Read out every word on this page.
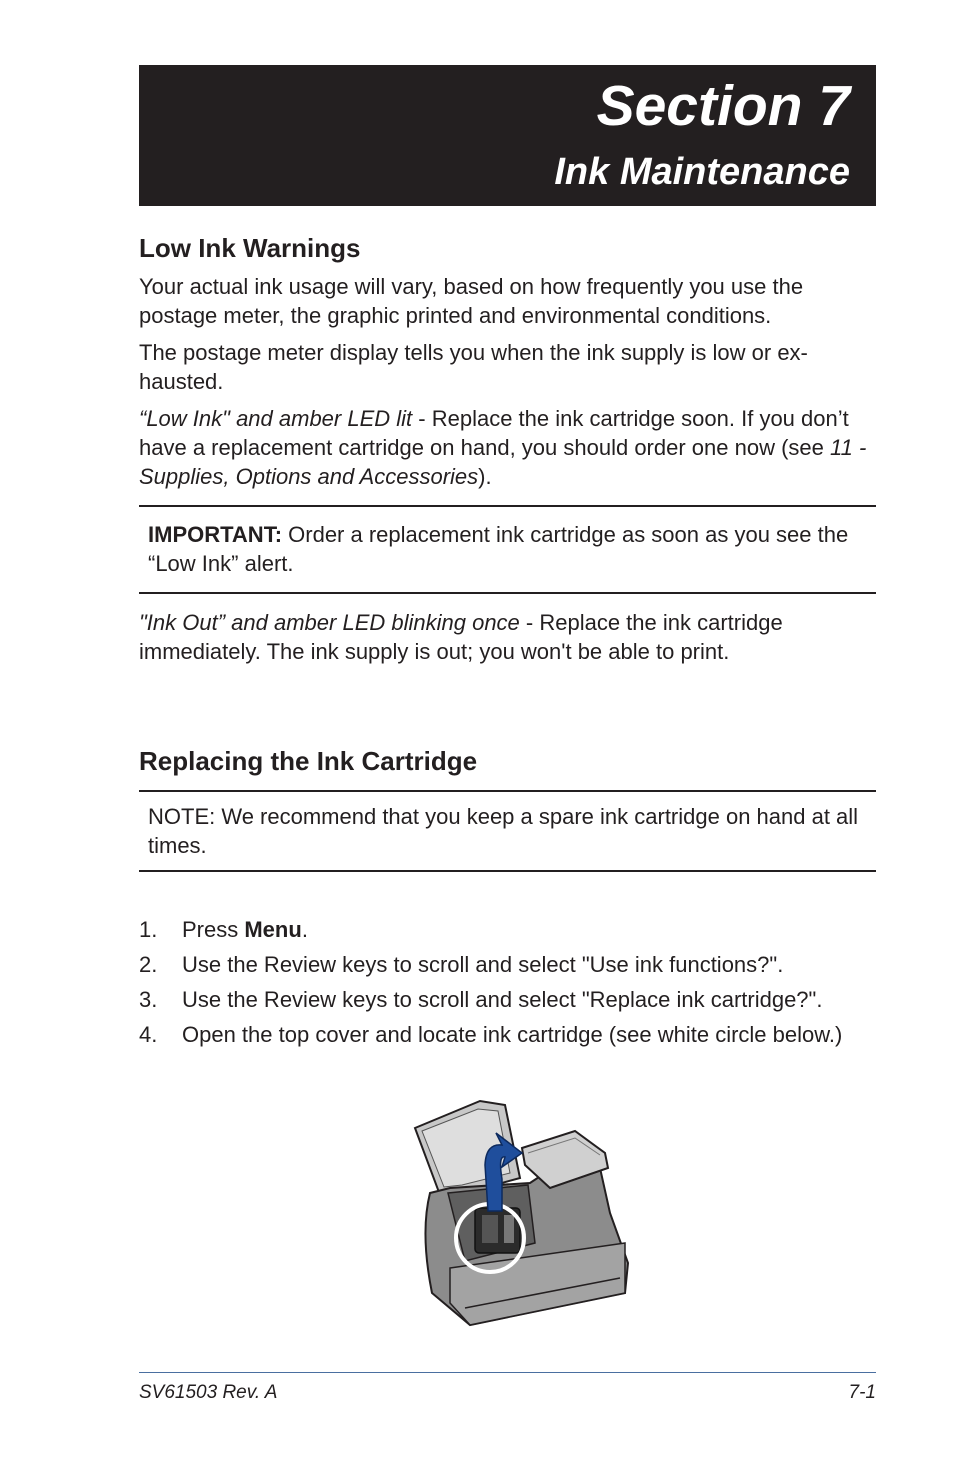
Section 7
Ink Maintenance
Low Ink Warnings

Your actual ink usage will vary, based on how frequently you use the postage meter, the graphic printed and environmental conditions.

The postage meter display tells you when the ink supply is low or ex-hausted.

“Low Ink" and amber LED lit - Replace the ink cartridge soon. If you don’t have a replacement cartridge on hand, you should order one now (see 11 - Supplies, Options and Accessories).

IMPORTANT: Order a replacement ink cartridge as soon as you see the “Low Ink” alert.

"Ink Out” and amber LED blinking once - Replace the ink cartridge immediately. The ink supply is out; you won't be able to print.

Replacing the Ink Cartridge
NOTE: We recommend that you keep a spare ink cartridge on hand at all times.
1. Press Menu.
2. Use the Review keys to scroll and select "Use ink functions?".
3. Use the Review keys to scroll and select "Replace ink cartridge?".
4. Open the top cover and locate ink cartridge (see white circle below.)
SV61503 Rev. A	7-1
